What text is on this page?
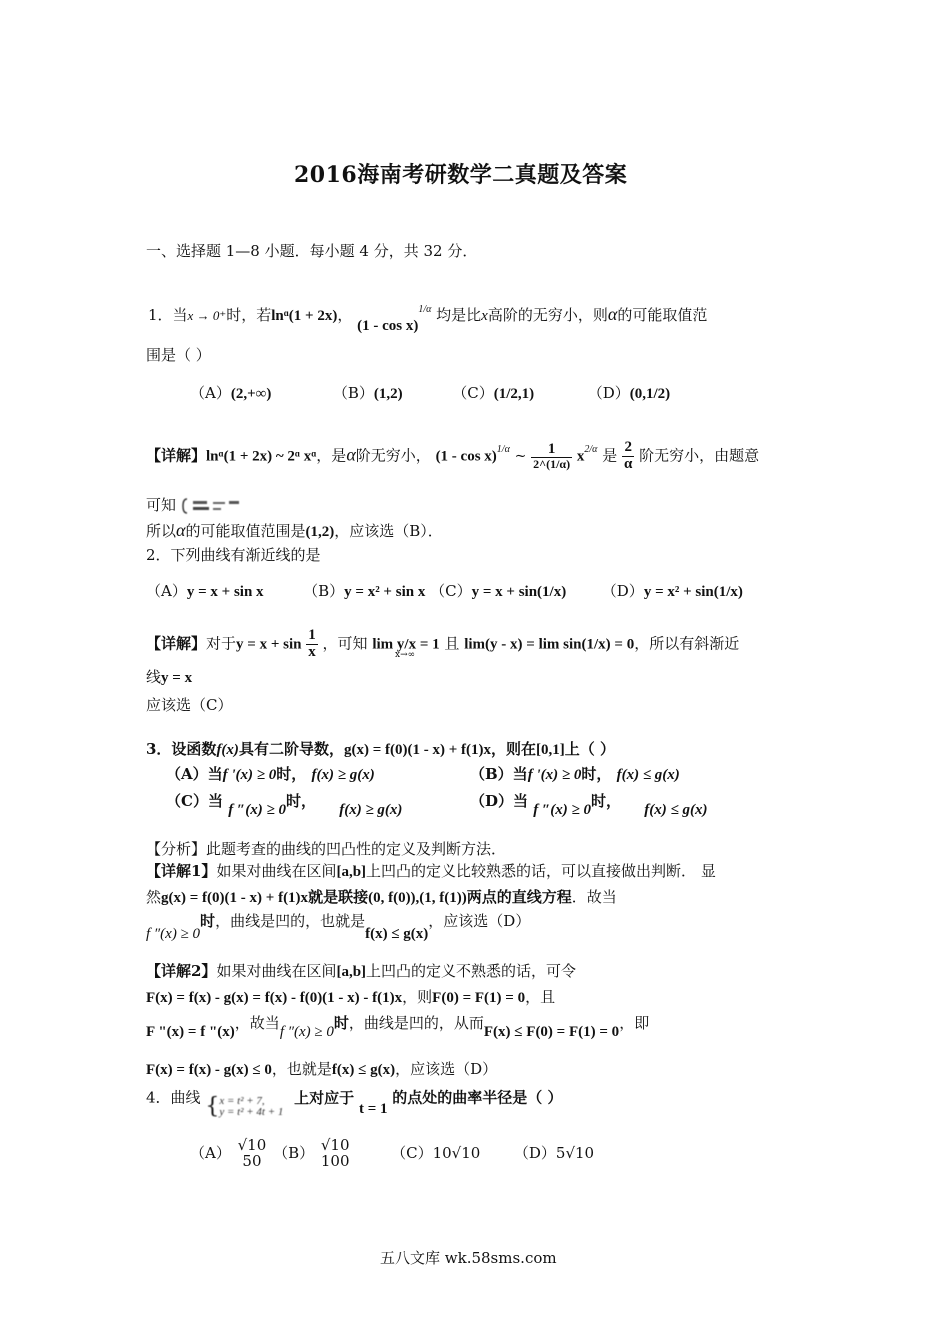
2016海南考研数学二真题及答案
一、选择题 1—8 小题．每小题 4 分，共 32 分．
1．当x → 0⁺时，若lnᵅ(1 + 2x)， (1 - cos x)$^{1/\alpha}$ 均是比x高阶的无穷小，则α的可能取值范
围是（ ）
（A）(2,+∞)	（B）(1,2)	（C）(1/2,1)	（D）(0,1/2)
【详解】lnᵅ(1 + 2x) ~ 2ᵅ xᵅ，是α阶无穷小， (1 - cos x)$^{1/\alpha}$ ~ $\frac{1}{2\^{}(1/\alpha)} x^{2/\alpha}$ 是 $\frac{2}{\alpha}$ 阶无穷小，由题意
可知
所以α的可能取值范围是(1,2)，应该选（B）．
2．下列曲线有渐近线的是
（A）y = x + sin x	（B）y = x² + sin x （C）y = x + sin(1/x) （D）y = x² + sin(1/x)
【详解】对于$y = x + \sin \frac{1}{x}$ ，可知 lim y/x = 1 且 lim(y - x) = lim sin(1/x) = 0，所以有斜渐近
x→∞
线y = x
应该选（C）
3．设函数f(x)具有二阶导数，g(x) = f(0)(1 - x) + f(1)x，则在[0,1]上（ ）
（A）当f '(x) ≥ 0时， f(x) ≥ g(x)	（B）当f '(x) ≥ 0时， f(x) ≤ g(x)
（C）当 f ″(x) ≥ 0时， f(x) ≥ g(x)	（D）当 f ″(x) ≥ 0时， f(x) ≤ g(x)
【分析】此题考查的曲线的凹凸性的定义及判断方法．
【详解1】如果对曲线在区间[a,b]上凹凸的定义比较熟悉的话，可以直接做出判断． 显
然g(x) = f(0)(1 - x) + f(1)x就是联接(0, f(0)),(1, f(1))两点的直线方程．故当
f ″(x) ≥ 0时，曲线是凹的，也就是f(x) ≤ g(x)，应该选（D）
【详解2】如果对曲线在区间[a,b]上凹凸的定义不熟悉的话，可令
F(x) = f(x) - g(x) = f(x) - f(0)(1 - x) - f(1)x，则F(0) = F(1) = 0，且
F "(x) = f "(x)，故当f ″(x) ≥ 0时，曲线是凹的，从而F(x) ≤ F(0) = F(1) = 0，即
F(x) = f(x) - g(x) ≤ 0，也就是f(x) ≤ g(x)，应该选（D）
4．曲线 { x = t² + 7,
y = t² + 4t + 1
上对应于 t = 1 的点处的曲率半径是（ ）
（A） √10
50 （B） √10
100	（C）10√10 （D）5√10
五八文库 wk.58sms.com
